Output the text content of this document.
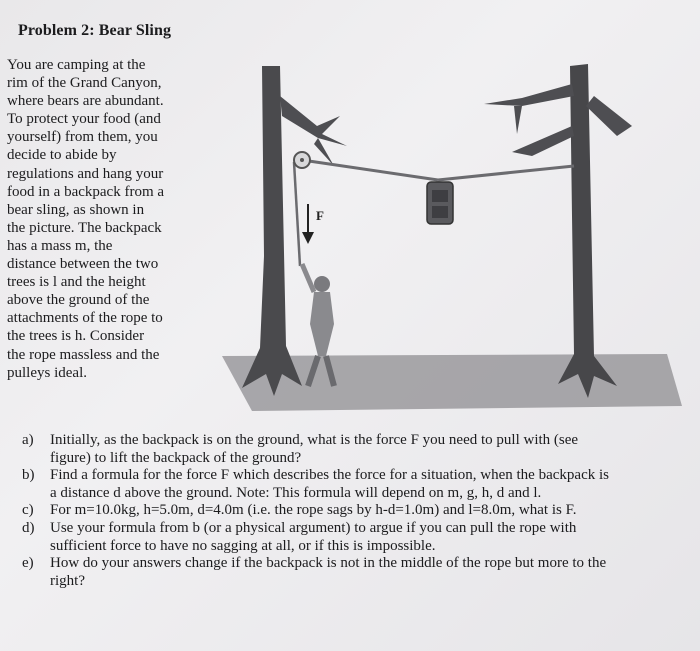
Problem 2: Bear Sling
You are camping at the
rim of the Grand Canyon,
where bears are abundant.
To protect your food (and
yourself) from them, you
decide to abide by
regulations and hang your
food in a backpack from a
bear sling, as shown in
the picture. The backpack
has a mass m, the
distance between the two
trees is l and the height
above the ground of the
attachments of the rope to
the trees is h. Consider
the rope massless and the
pulleys ideal.
F
a)	Initially, as the backpack is on the ground, what is the force F you need to pull with (see
figure) to lift the backpack of the ground?
b)	Find a formula for the force F which describes the force for a situation, when the backpack is
a distance d above the ground. Note: This formula will depend on m, g, h, d and l.
c)	For m=10.0kg, h=5.0m, d=4.0m (i.e. the rope sags by h-d=1.0m) and l=8.0m, what is F.
d)	Use your formula from b (or a physical argument) to argue if you can pull the rope with
sufficient force to have no sagging at all, or if this is impossible.
e)	How do your answers change if the backpack is not in the middle of the rope but more to the
right?
